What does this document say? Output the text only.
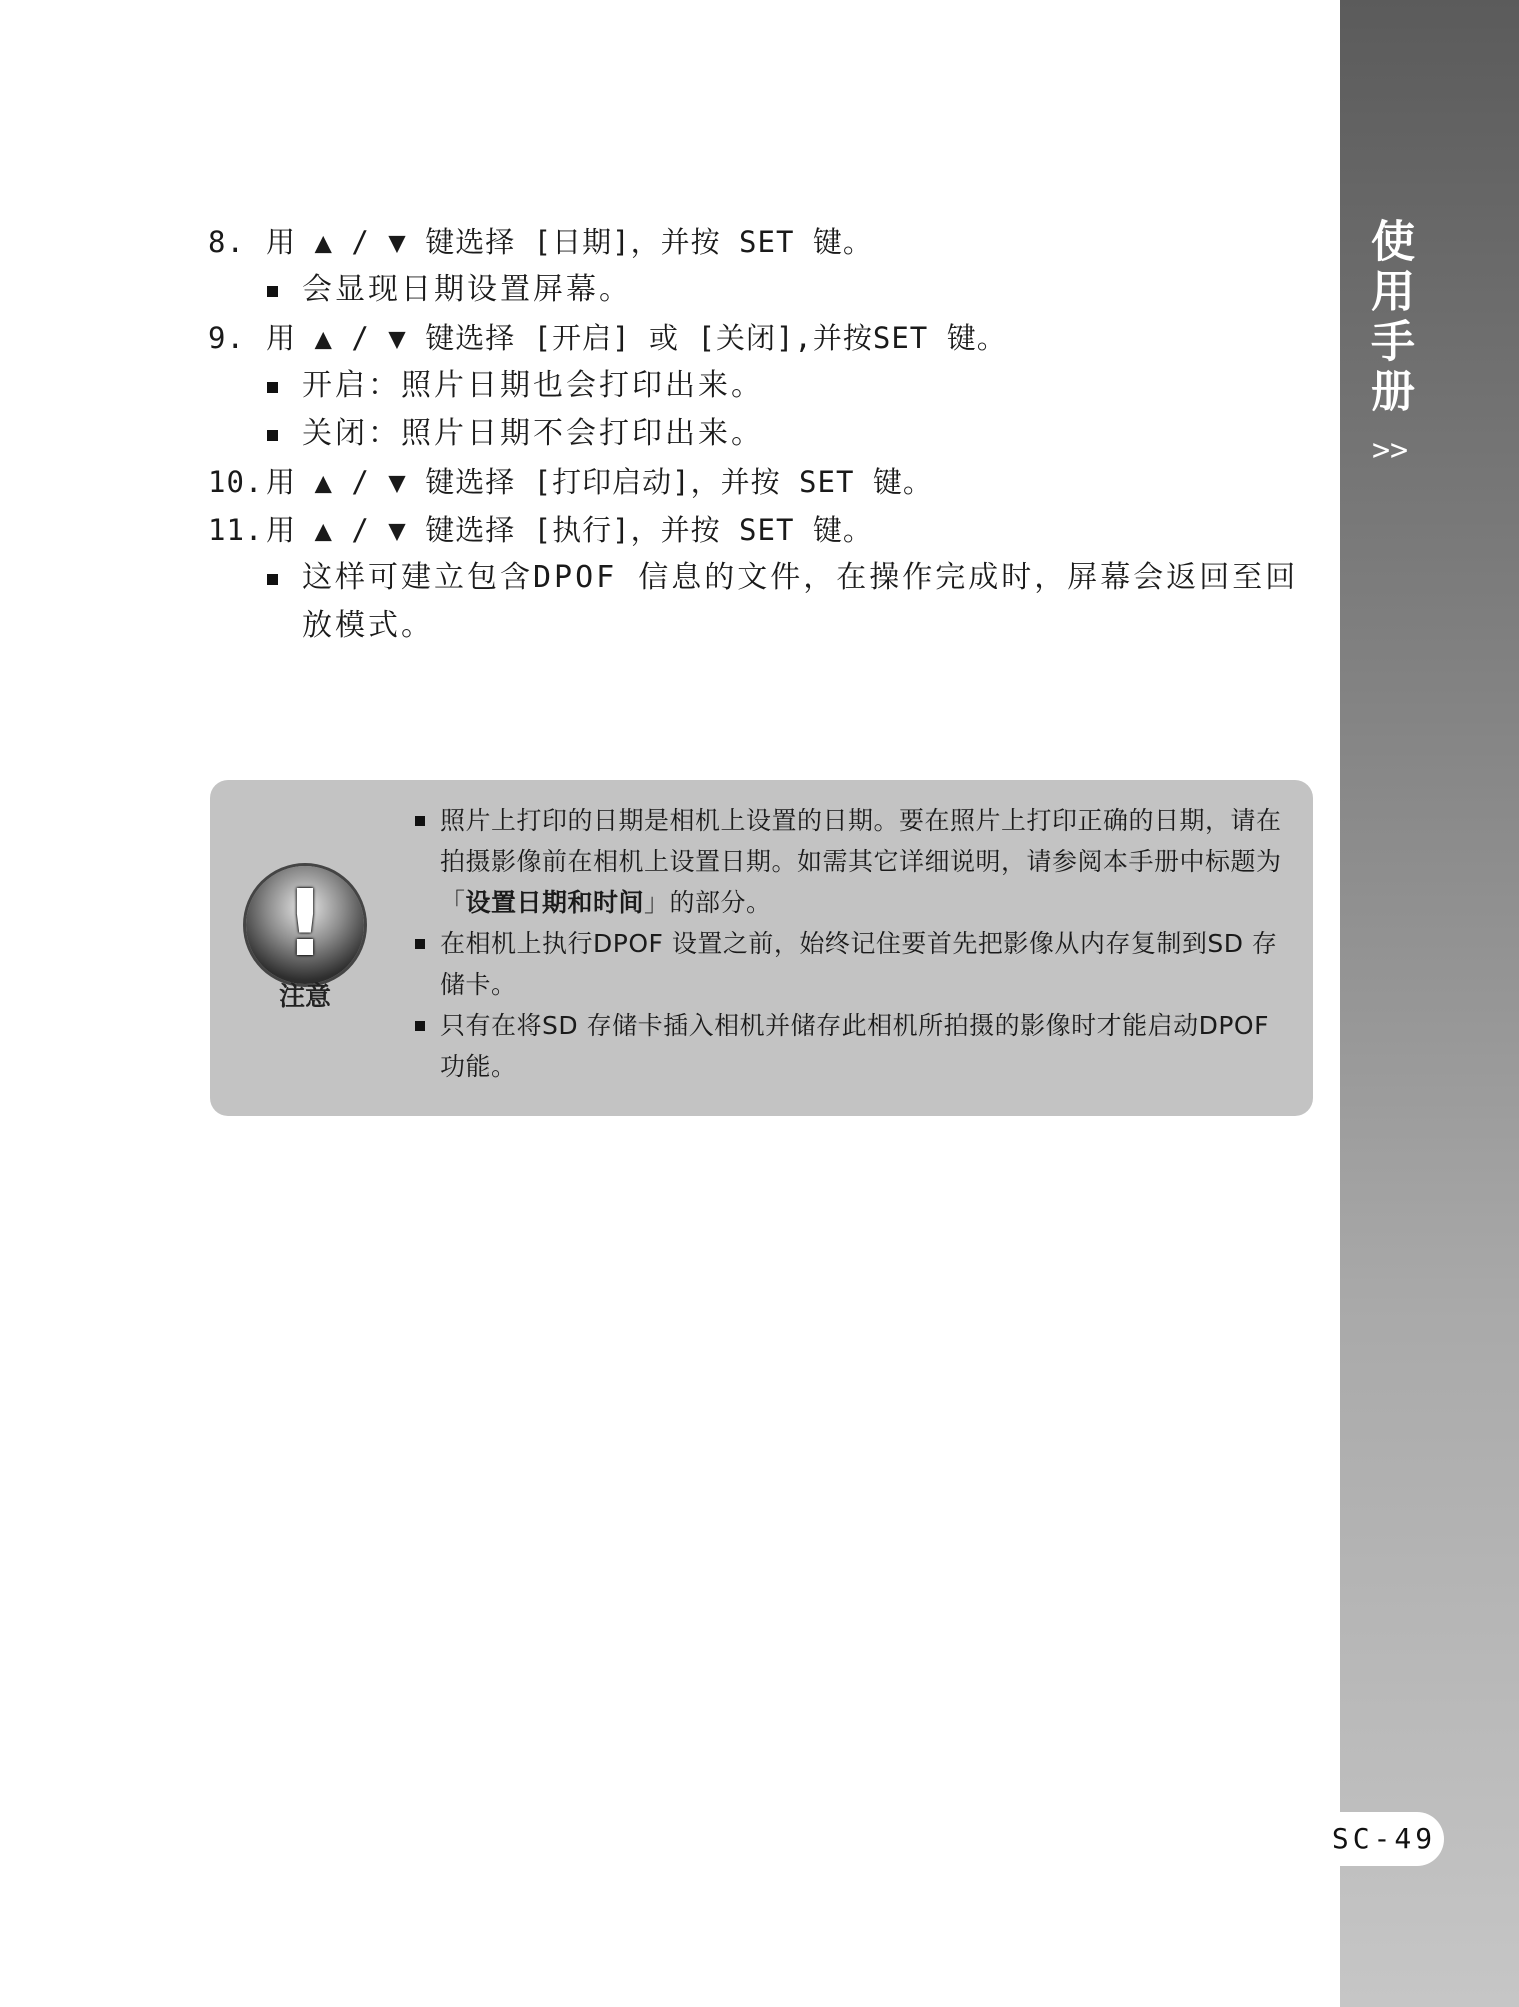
使用手册
>>
8. 用 ▲ / ▼ 键选择 [日期]，并按 SET 键。
会显现日期设置屏幕。
9. 用 ▲ / ▼ 键选择 [开启] 或 [关闭],并按SET 键。
开启：照片日期也会打印出来。
关闭：照片日期不会打印出来。
10.用 ▲ / ▼ 键选择 [打印启动]，并按 SET 键。
11.用 ▲ / ▼ 键选择 [执行]，并按 SET 键。
这样可建立包含DPOF 信息的文件，在操作完成时，屏幕会返回至回放模式。
!
注意
照片上打印的日期是相机上设置的日期。要在照片上打印正确的日期，请在拍摄影像前在相机上设置日期。如需其它详细说明，请参阅本手册中标题为「设置日期和时间」的部分。
在相机上执行DPOF 设置之前，始终记住要首先把影像从内存复制到SD 存储卡。
只有在将SD 存储卡插入相机并储存此相机所拍摄的影像时才能启动DPOF 功能。
SC-49
